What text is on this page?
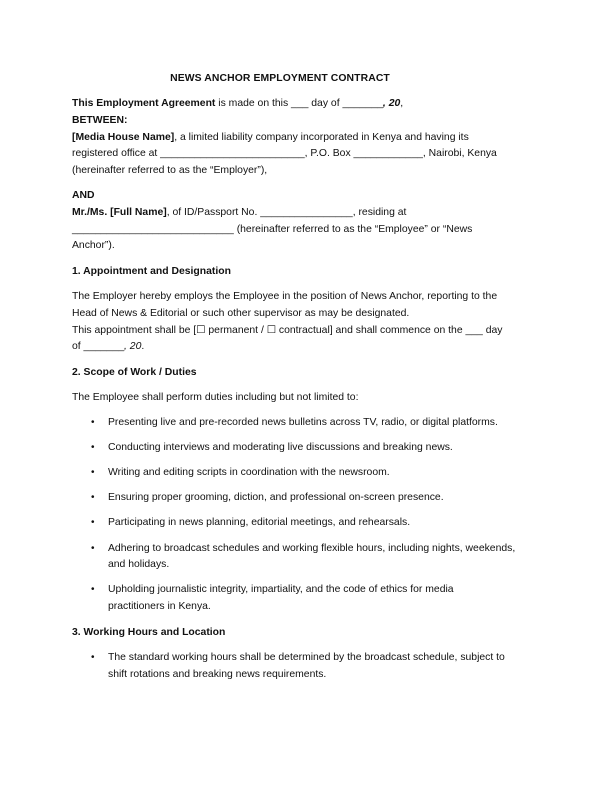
NEWS ANCHOR EMPLOYMENT CONTRACT

This Employment Agreement is made on this ___ day of _______, 20,

BETWEEN:

[Media House Name], a limited liability company incorporated in Kenya and having its

registered office at _________________________, P.O. Box ____________, Nairobi, Kenya

(hereinafter referred to as the “Employer”),

AND

Mr./Ms. [Full Name], of ID/Passport No. ________________, residing at

____________________________ (hereinafter referred to as the “Employee” or “News

Anchor”).

1. Appointment and Designation

The Employer hereby employs the Employee in the position of News Anchor, reporting to the

Head of News & Editorial or such other supervisor as may be designated.

This appointment shall be [☐ permanent / ☐ contractual] and shall commence on the ___ day

of _______, 20.

2. Scope of Work / Duties

The Employee shall perform duties including but not limited to:

• Presenting live and pre-recorded news bulletins across TV, radio, or digital platforms.
• Conducting interviews and moderating live discussions and breaking news.
• Writing and editing scripts in coordination with the newsroom.
• Ensuring proper grooming, diction, and professional on-screen presence.
• Participating in news planning, editorial meetings, and rehearsals.
• Adhering to broadcast schedules and working flexible hours, including nights, weekends,
and holidays.
• Upholding journalistic integrity, impartiality, and the code of ethics for media
practitioners in Kenya.

3. Working Hours and Location

• The standard working hours shall be determined by the broadcast schedule, subject to
shift rotations and breaking news requirements.
